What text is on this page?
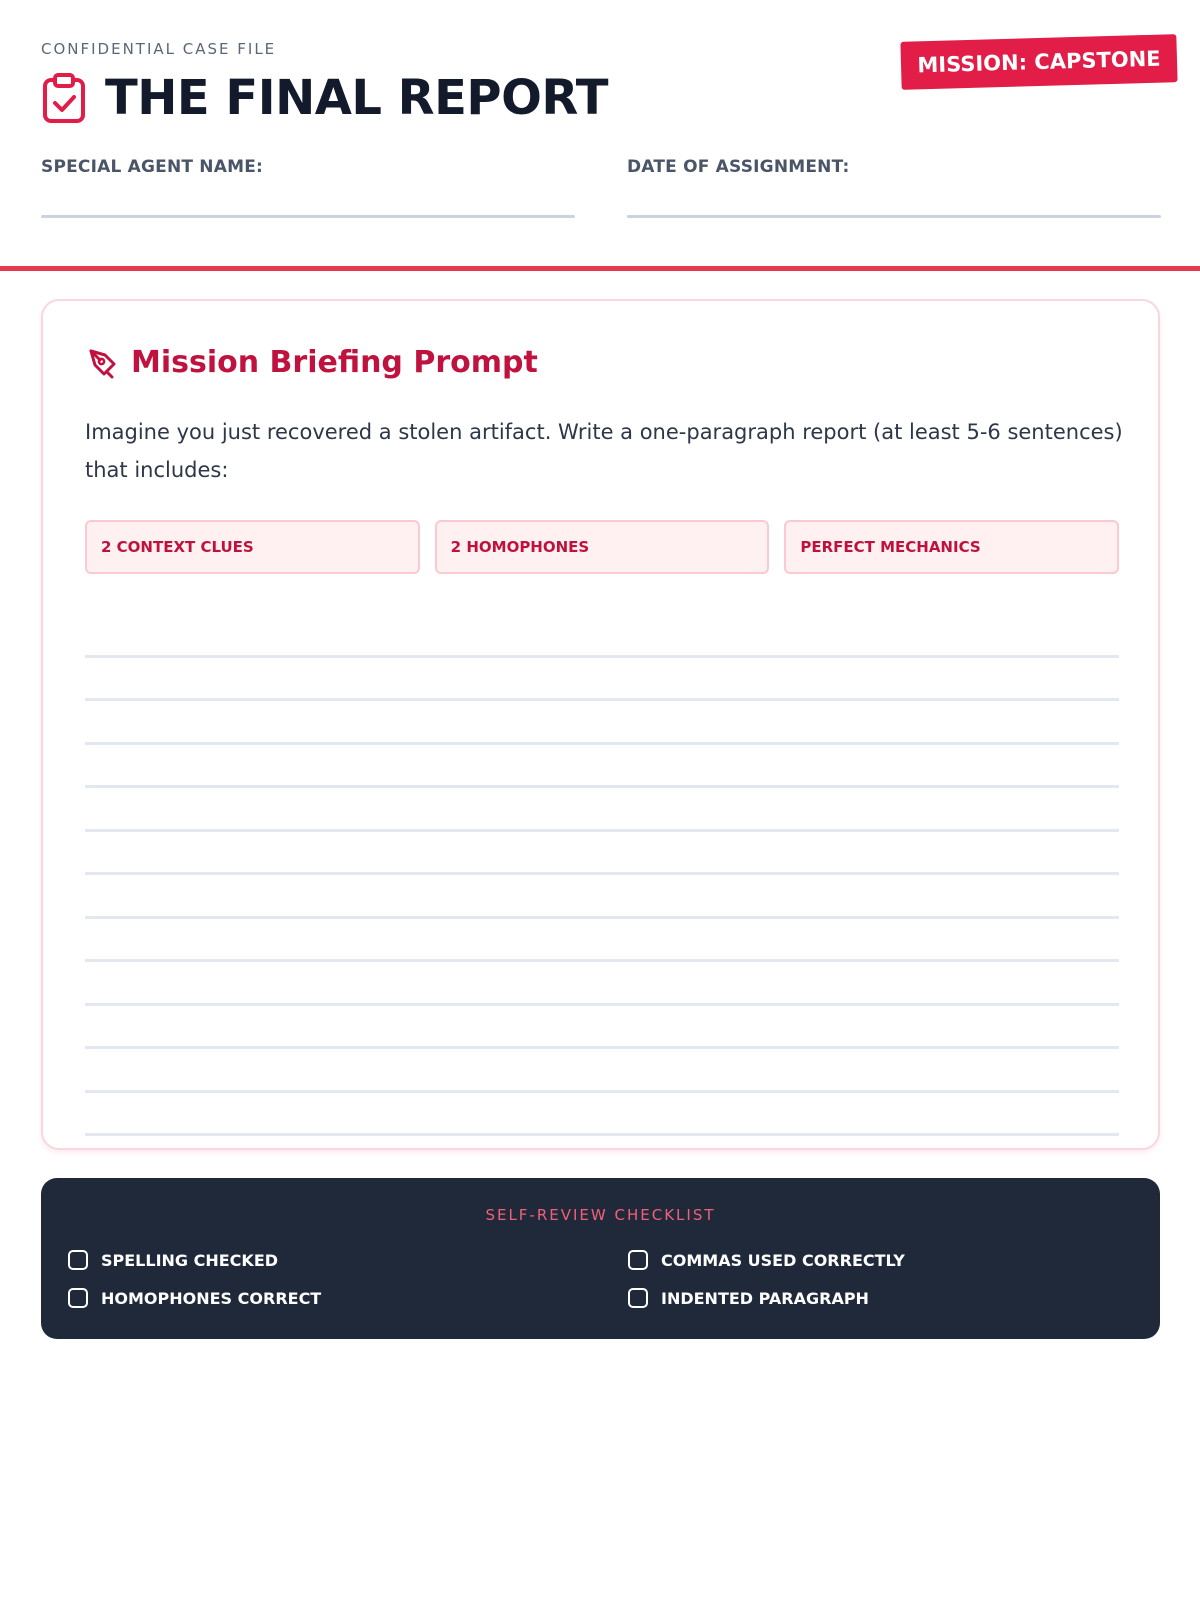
CONFIDENTIAL CASE FILE
THE FINAL REPORT
MISSION: CAPSTONE
SPECIAL AGENT NAME:	DATE OF ASSIGNMENT:
Mission Briefing Prompt

Imagine you just recovered a stolen artifact. Write a one-paragraph report (at least 5-6 sentences) that includes:

2 CONTEXT CLUES	2 HOMOPHONES	PERFECT MECHANICS
SELF-REVIEW CHECKLIST
SPELLING CHECKED	COMMAS USED CORRECTLY
HOMOPHONES CORRECT	INDENTED PARAGRAPH
